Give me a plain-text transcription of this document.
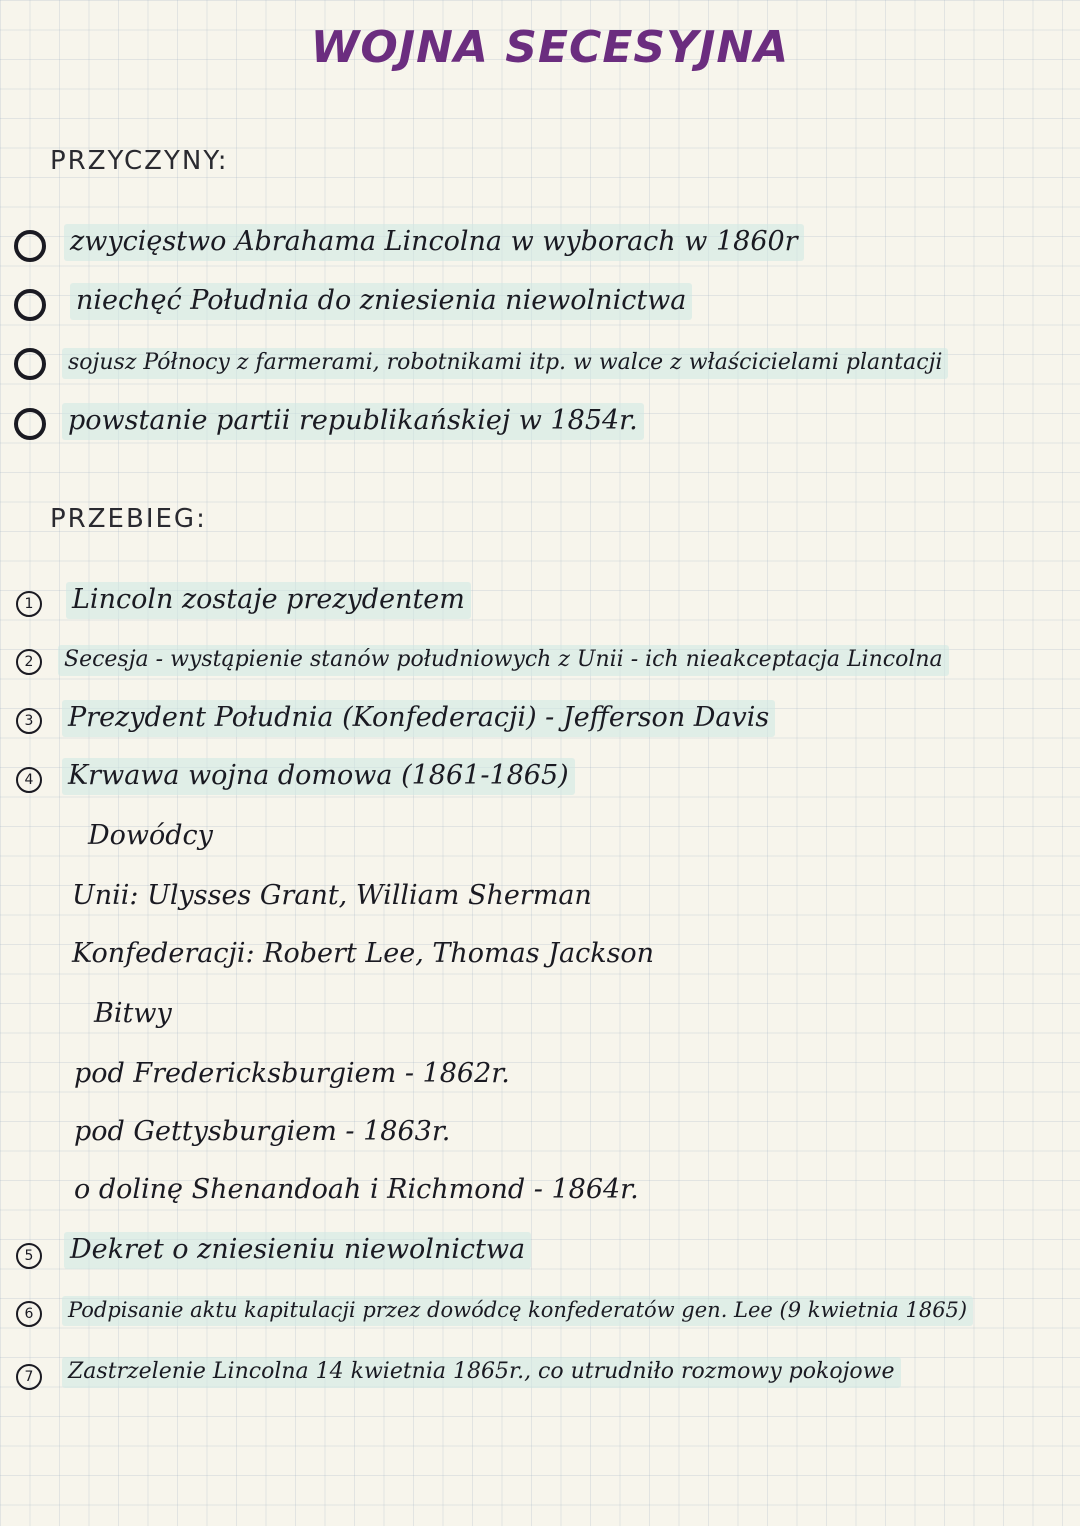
WOJNA SECESYJNA
PRZYCZYNY:
zwycięstwo Abrahama Lincolna w wyborach w 1860r
niechęć Południa do zniesienia niewolnictwa
sojusz Północy z farmerami, robotnikami itp. w walce z właścicielami plantacji
powstanie partii republikańskiej w 1854r.
PRZEBIEG:
1	Lincoln zostaje prezydentem
2	Secesja - wystąpienie stanów południowych z Unii - ich nieakceptacja Lincolna
3	Prezydent Południa (Konfederacji) - Jefferson Davis
4	Krwawa wojna domowa (1861-1865)
Dowódcy
Unii: Ulysses Grant, William Sherman
Konfederacji: Robert Lee, Thomas Jackson
Bitwy
pod Fredericksburgiem - 1862r.
pod Gettysburgiem - 1863r.
o dolinę Shenandoah i Richmond - 1864r.
5	Dekret o zniesieniu niewolnictwa
6	Podpisanie aktu kapitulacji przez dowódcę konfederatów gen. Lee (9 kwietnia 1865)
7	Zastrzelenie Lincolna 14 kwietnia 1865r., co utrudniło rozmowy pokojowe
